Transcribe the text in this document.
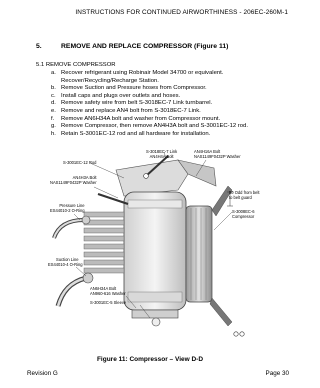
INSTRUCTIONS FOR CONTINUED AIRWORTHINESS - 206EC-260M-1
5.	REMOVE AND REPLACE COMPRESSOR (Figure 11)
5.1 REMOVE COMPRESSOR
a. Recover refrigerant using Robinair Model 34700 or equivalent.
Recover/Recycling/Recharge Station.
b. Remove Suction and Pressure hoses from Compressor.
c. Install caps and plugs over outlets and hoses.
d. Remove safety wire from belt S-3018EC-7 Link turnbarrel.
e. Remove and replace AN4 bolt from S-3018EC-7 Link.
f. Remove AN6H34A bolt and washer from Compressor mount.
g. Remove Compressor, then remove AN4H3A bolt and S-3001EC-12 rod.
h. Retain S-3001EC-12 rod and all hardware for installation.
S-3018EC-7 Link
AN4H4A Bolt
AN4H16A Bolt
NAS1149F0432P Washer
S-3001EC-12 Rod
AN4H3A Bolt
NAS1149F0432P Washer
Pressure Line
ES44010-2 O-Ring
50 Odd from belt
to belt guard
S-3008EC-6
Compressor
Suction Line
ES44010-4 O-Ring
AN6H34A Bolt
AN960-616 Washer
S-3001EC-5 Sleeve
Figure 11: Compressor – View D-D
Revision G	Page 30
